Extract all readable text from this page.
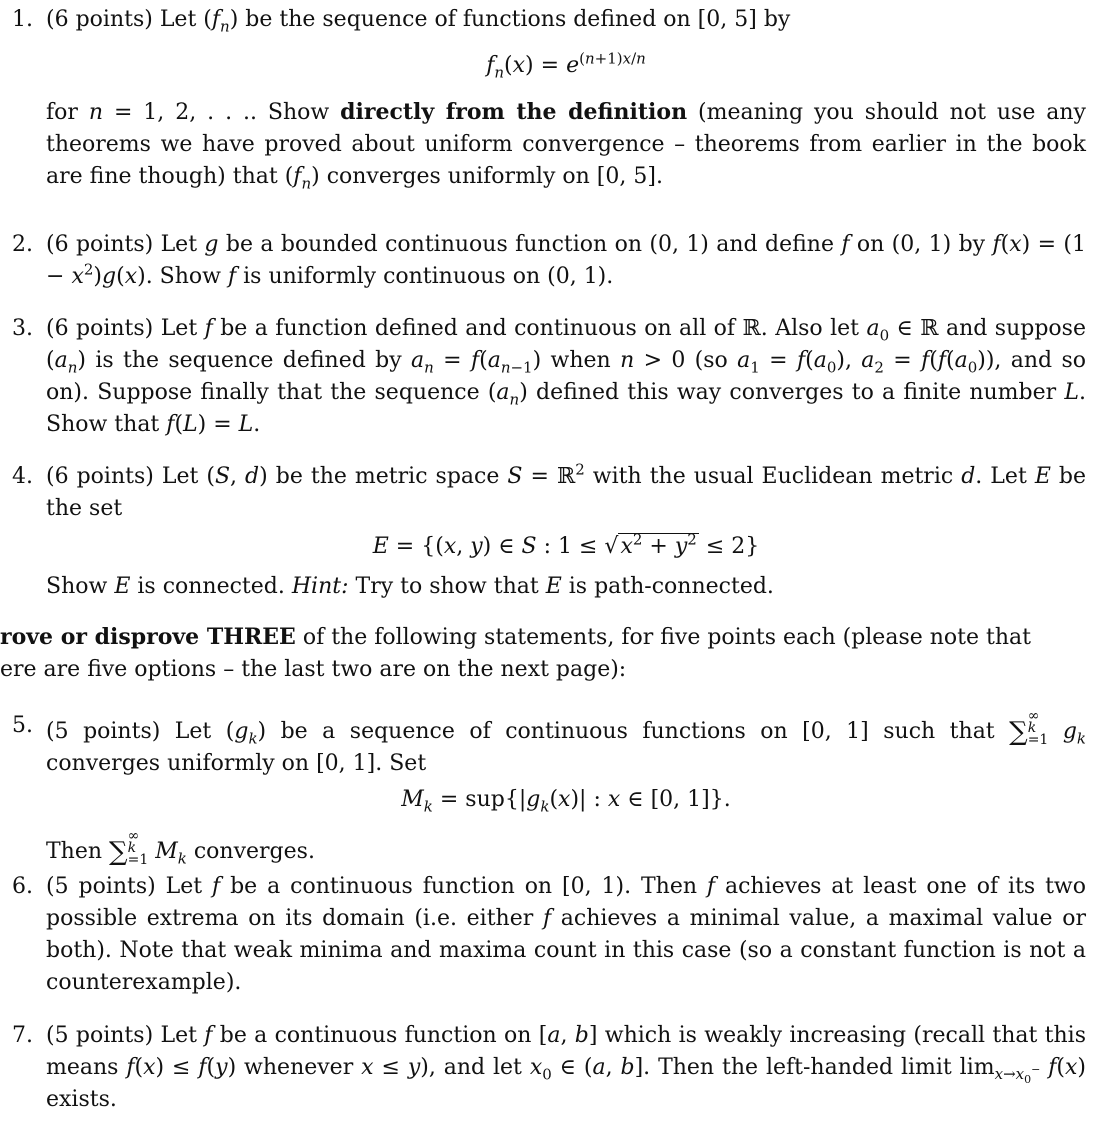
1. (6 points) Let $(f_n)$ be the sequence of functions defined on [0, 5] by

$f_n(x) = e^{(n+1)x/n}$

for n = 1, 2, . . .. Show directly from the definition (meaning you should not use any theorems we have proved about uniform convergence – theorems from earlier in the book are fine though) that $(f_n)$ converges uniformly on [0, 5].

2. (6 points) Let g be a bounded continuous function on (0, 1) and define f on (0, 1) by $f(x) = (1 - x^2)g(x)$. Show f is uniformly continuous on (0, 1).

3. (6 points) Let f be a function defined and continuous on all of ℝ. Also let $a_0$ ∈ ℝ and suppose $(a_n)$ is the sequence defined by $a_n = f(a_{n-1})$ when n > 0 (so $a_1 = f(a_0)$, $a_2 = f(f(a_0))$, and so on). Suppose finally that the sequence $(a_n)$ defined this way converges to a finite number L. Show that f(L) = L.

4. (6 points) Let (S, d) be the metric space S = ℝ$^2$ with the usual Euclidean metric d. Let E be the set

E = {(x, y) ∈ S : $1 \le √x^2 + y^2 \le 2$}

Show E is connected. Hint: Try to show that E is path-connected.

rove or disprove THREE of the following statements, for five points each (please note that

ere are five options – the last two are on the next page):

5. (5 points) Let $(g_k)$ be a sequence of continuous functions on [0, 1] such that ∑
∞
k
=1 $g_k$ converges uniformly on [0, 1]. Set

$M_k = sup\{|g_k(x)|$ : x ∈ [0, 1]}.

Then ∑
∞
k
=1 $M_k$ converges.

6. (5 points) Let f be a continuous function on [0, 1). Then f achieves at least one of its two possible extrema on its domain (i.e. either f achieves a minimal value, a maximal value or both). Note that weak minima and maxima count in this case (so a constant function is not a counterexample).

7. (5 points) Let f be a continuous function on [a, b] which is weakly increasing (recall that this means f(x) ≤ f(y) whenever x ≤ y), and let $x_0$ ∈ (a, b]. Then the left-handed limit $\lim_{x\to x_0^-} f(x)$ exists.
